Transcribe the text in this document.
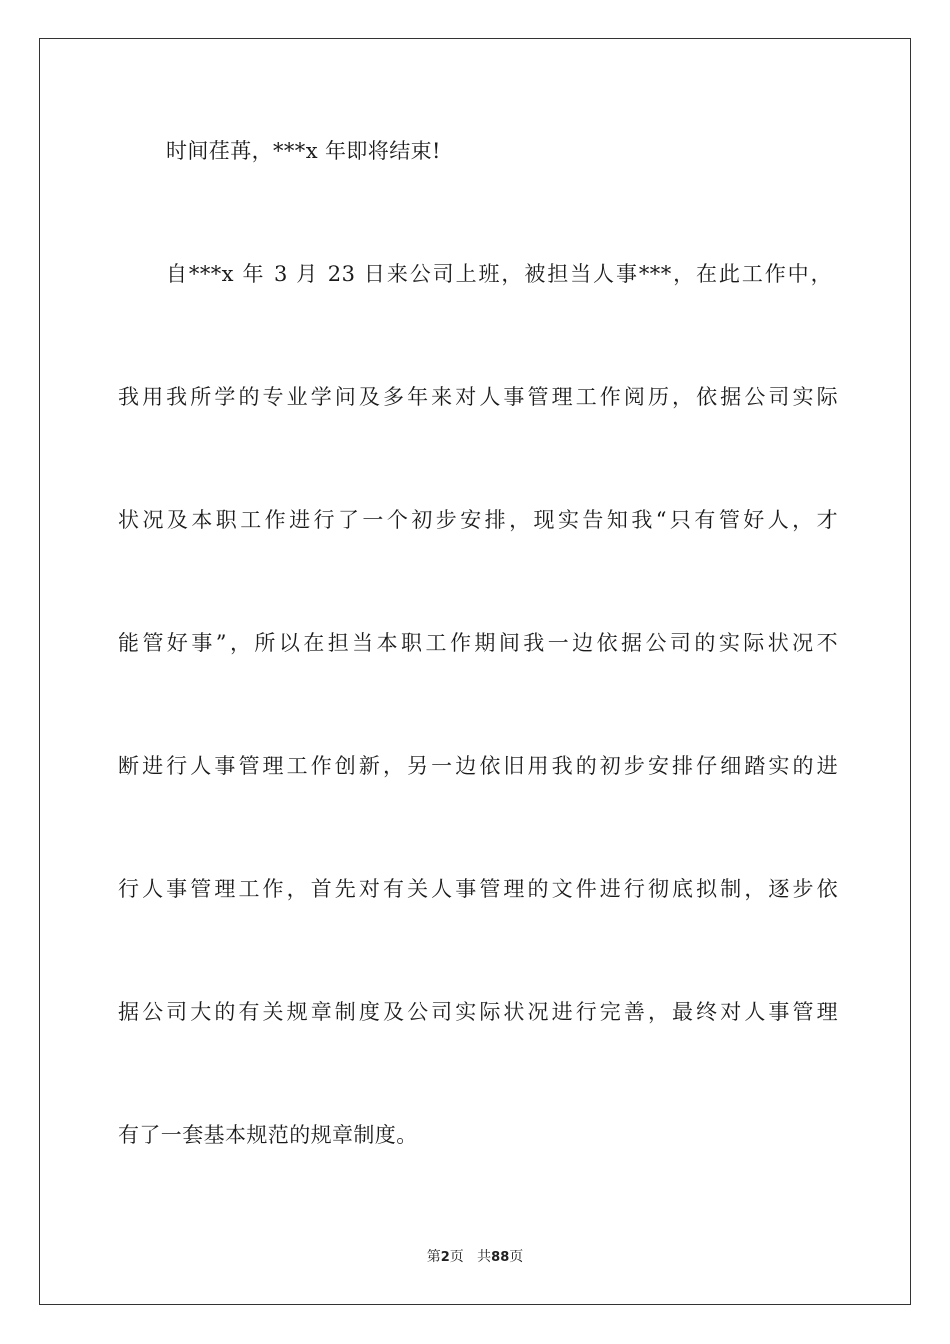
时间荏苒，***x 年即将结束!
自***x 年 3 月 23 日来公司上班，被担当人事***，在此工作中，
我用我所学的专业学问及多年来对人事管理工作阅历，依据公司实际
状况及本职工作进行了一个初步安排，现实告知我“只有管好人，才
能管好事”，所以在担当本职工作期间我一边依据公司的实际状况不
断进行人事管理工作创新，另一边依旧用我的初步安排仔细踏实的进
行人事管理工作，首先对有关人事管理的文件进行彻底拟制，逐步依
据公司大的有关规章制度及公司实际状况进行完善，最终对人事管理
有了一套基本规范的规章制度。
第2页   共88页
